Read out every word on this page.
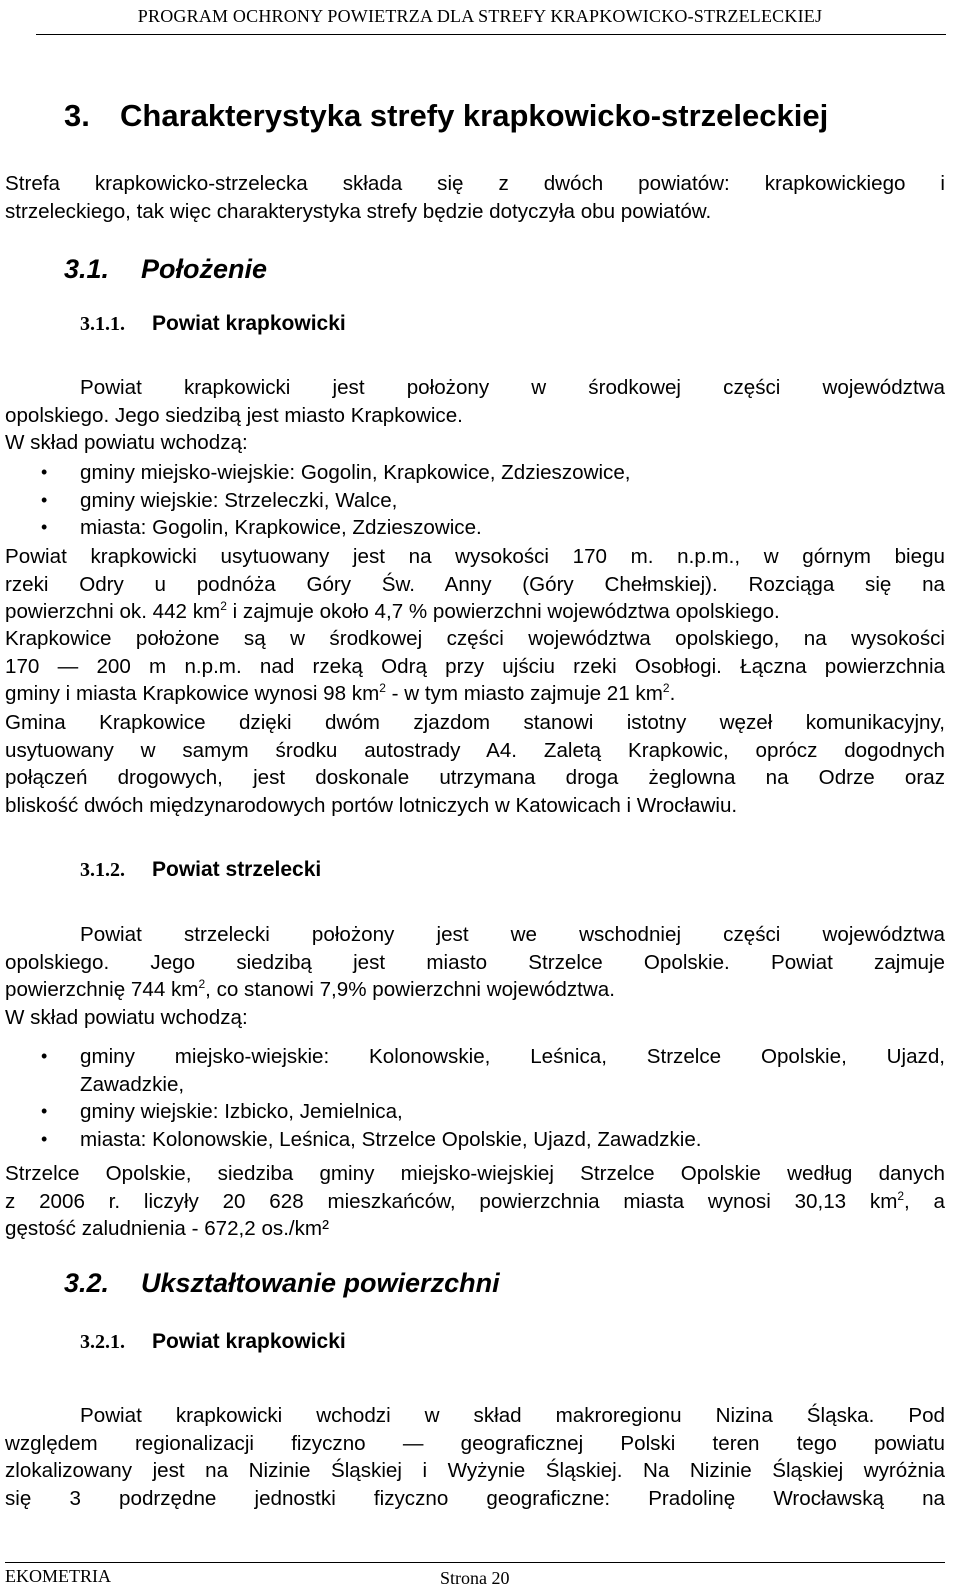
PROGRAM OCHRONY POWIETRZA DLA STREFY KRAPKOWICKO-STRZELECKIEJ
3. Charakterystyka strefy krapkowicko-strzeleckiej
Strefa krapkowicko-strzelecka składa się z dwóch powiatów: krapkowickiego i
strzeleckiego, tak więc charakterystyka strefy będzie dotyczyła obu powiatów.
3.1. Położenie
3.1.1. Powiat krapkowicki
Powiat krapkowicki jest położony w środkowej części województwa
opolskiego. Jego siedzibą jest miasto Krapkowice.
W skład powiatu wchodzą:
• gminy miejsko-wiejskie: Gogolin, Krapkowice, Zdzieszowice,
• gminy wiejskie: Strzeleczki, Walce,
• miasta: Gogolin, Krapkowice, Zdzieszowice.
Powiat krapkowicki usytuowany jest na wysokości 170 m. n.p.m., w górnym biegu
rzeki Odry u podnóża Góry Św. Anny (Góry Chełmskiej). Rozciąga się na
powierzchni ok. 442 $km^2$ i zajmuje około 4,7 % powierzchni województwa opolskiego.
Krapkowice położone są w środkowej części województwa opolskiego, na wysokości
170 — 200 m n.p.m. nad rzeką Odrą przy ujściu rzeki Osobłogi. Łączna powierzchnia
gminy i miasta Krapkowice wynosi 98 $km^2$ - w tym miasto zajmuje 21 $km^2$.
Gmina Krapkowice dzięki dwóm zjazdom stanowi istotny węzeł komunikacyjny,
usytuowany w samym środku autostrady A4. Zaletą Krapkowic, oprócz dogodnych
połączeń drogowych, jest doskonale utrzymana droga żeglowna na Odrze oraz
bliskość dwóch międzynarodowych portów lotniczych w Katowicach i Wrocławiu.
3.1.2. Powiat strzelecki
Powiat strzelecki położony jest we wschodniej części województwa
opolskiego. Jego siedzibą jest miasto Strzelce Opolskie. Powiat zajmuje
powierzchnię 744 $km^2$, co stanowi 7,9% powierzchni województwa.
W skład powiatu wchodzą:
• gminy miejsko-wiejskie: Kolonowskie, Leśnica, Strzelce Opolskie, Ujazd,
Zawadzkie,
• gminy wiejskie: Izbicko, Jemielnica,
• miasta: Kolonowskie, Leśnica, Strzelce Opolskie, Ujazd, Zawadzkie.
Strzelce Opolskie, siedziba gminy miejsko-wiejskiej Strzelce Opolskie według danych
z 2006 r. liczyły 20 628 mieszkańców, powierzchnia miasta wynosi 30,13 $km^2$, a
gęstość zaludnienia - 672,2 os./km²
3.2. Ukształtowanie powierzchni
3.2.1. Powiat krapkowicki
Powiat krapkowicki wchodzi w skład makroregionu Nizina Śląska. Pod
względem regionalizacji fizyczno — geograficznej Polski teren tego powiatu
zlokalizowany jest na Nizinie Śląskiej i Wyżynie Śląskiej. Na Nizinie Śląskiej wyróżnia
się 3 podrzędne jednostki fizyczno geograficzne: Pradolinę Wrocławską na
EKOMETRIA	Strona 20
